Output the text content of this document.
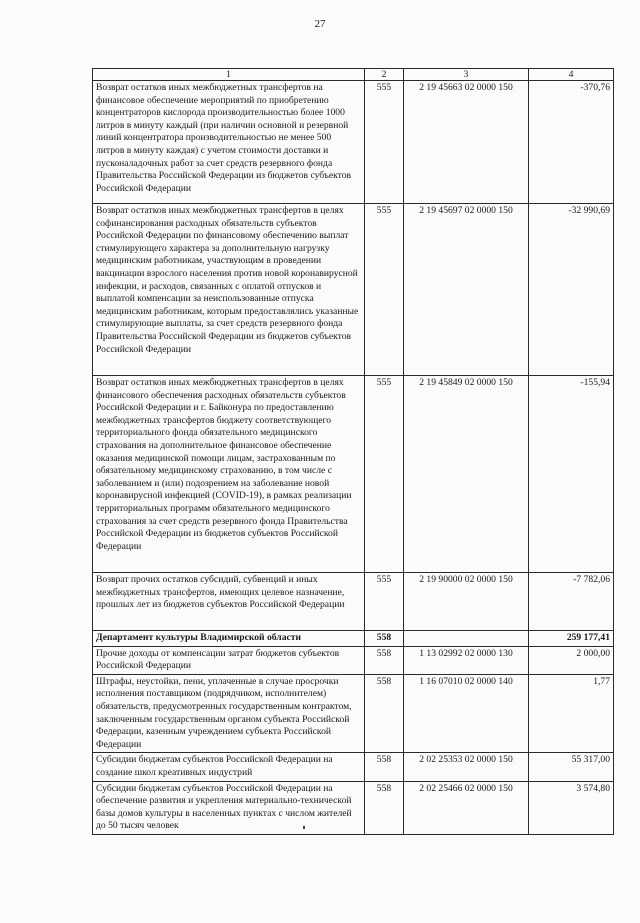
27
1	2	3	4
Возврат остатков иных межбюджетных трансфертов на финансовое обеспечение мероприятий по приобретению концентраторов кислорода производительностью более 1000 литров в минуту каждый (при наличии основной и резервной линий концентратора производительностью не менее 500 литров в минуту каждая) с учетом стоимости доставки и пусконаладочных работ за счет средств резервного фонда Правительства Российской Федерации из бюджетов субъектов Российской Федерации	555	2 19 45663 02 0000 150	-370,76
Возврат остатков иных межбюджетных трансфертов в целях софинансирования расходных обязательств субъектов Российской Федерации по финансовому обеспечению выплат стимулирующего характера за дополнительную нагрузку медицинским работникам, участвующим в проведении вакцинации взрослого населения против новой коронавирусной инфекции, и расходов, связанных с оплатой отпусков и выплатой компенсации за неиспользованные отпуска медицинским работникам, которым предоставлялись указанные стимулирующие выплаты, за счет средств резервного фонда Правительства Российской Федерации из бюджетов субъектов Российской Федерации	555	2 19 45697 02 0000 150	-32 990,69
Возврат остатков иных межбюджетных трансфертов в целях финансового обеспечения расходных обязательств субъектов Российской Федерации и г. Байконура по предоставлению межбюджетных трансфертов бюджету соответствующего территориального фонда обязательного медицинского страхования на дополнительное финансовое обеспечение оказания медицинской помощи лицам, застрахованным по обязательному медицинскому страхованию, в том числе с заболеванием и (или) подозрением на заболевание новой коронавирусной инфекцией (COVID-19), в рамках реализации территориальных программ обязательного медицинского страхования за счет средств резервного фонда Правительства Российской Федерации из бюджетов субъектов Российской Федерации	555	2 19 45849 02 0000 150	-155,94
Возврат прочих остатков субсидий, субвенций и иных межбюджетных трансфертов, имеющих целевое назначение, прошлых лет из бюджетов субъектов Российской Федерации	555	2 19 90000 02 0000 150	-7 782,06
Департамент культуры Владимирской области	558		259 177,41
Прочие доходы от компенсации затрат бюджетов субъектов Российской Федерации	558	1 13 02992 02 0000 130	2 000,00
Штрафы, неустойки, пени, уплаченные в случае просрочки исполнения поставщиком (подрядчиком, исполнителем) обязательств, предусмотренных государственным контрактом, заключенным государственным органом субъекта Российской Федерации, казенным учреждением субъекта Российской Федерации	558	1 16 07010 02 0000 140	1,77
Субсидии бюджетам субъектов Российской Федерации на создание школ креативных индустрий	558	2 02 25353 02 0000 150	55 317,00
Субсидии бюджетам субъектов Российской Федерации на обеспечение развития и укрепления материально-технической базы домов культуры в населенных пунктах с числом жителей до 50 тысяч человек	558	2 02 25466 02 0000 150	3 574,80
